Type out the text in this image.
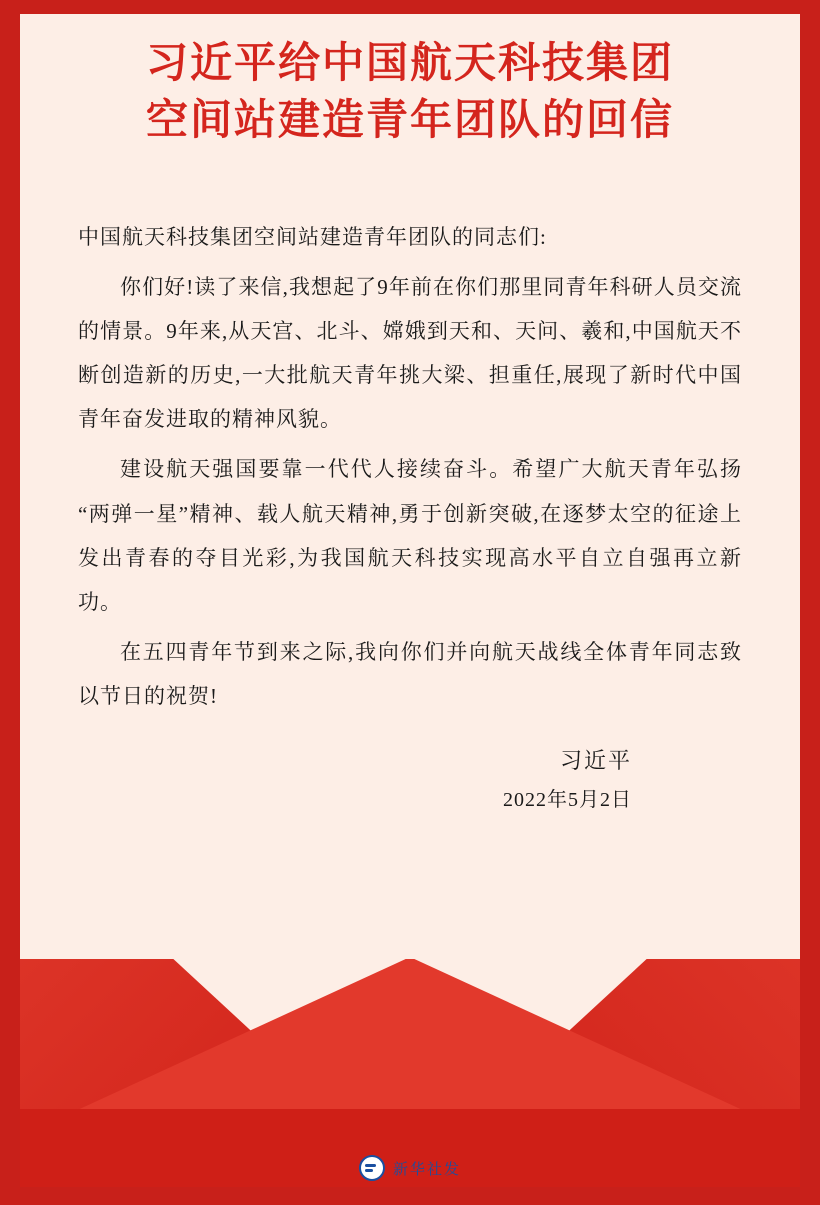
习近平给中国航天科技集团
空间站建造青年团队的回信
中国航天科技集团空间站建造青年团队的同志们:

你们好!读了来信,我想起了9年前在你们那里同青年科研人员交流的情景。9年来,从天宫、北斗、嫦娥到天和、天问、羲和,中国航天不断创造新的历史,一大批航天青年挑大梁、担重任,展现了新时代中国青年奋发进取的精神风貌。

建设航天强国要靠一代代人接续奋斗。希望广大航天青年弘扬“两弹一星”精神、载人航天精神,勇于创新突破,在逐梦太空的征途上发出青春的夺目光彩,为我国航天科技实现高水平自立自强再立新功。

在五四青年节到来之际,我向你们并向航天战线全体青年同志致以节日的祝贺!

习近平
2022年5月2日
新华社发
